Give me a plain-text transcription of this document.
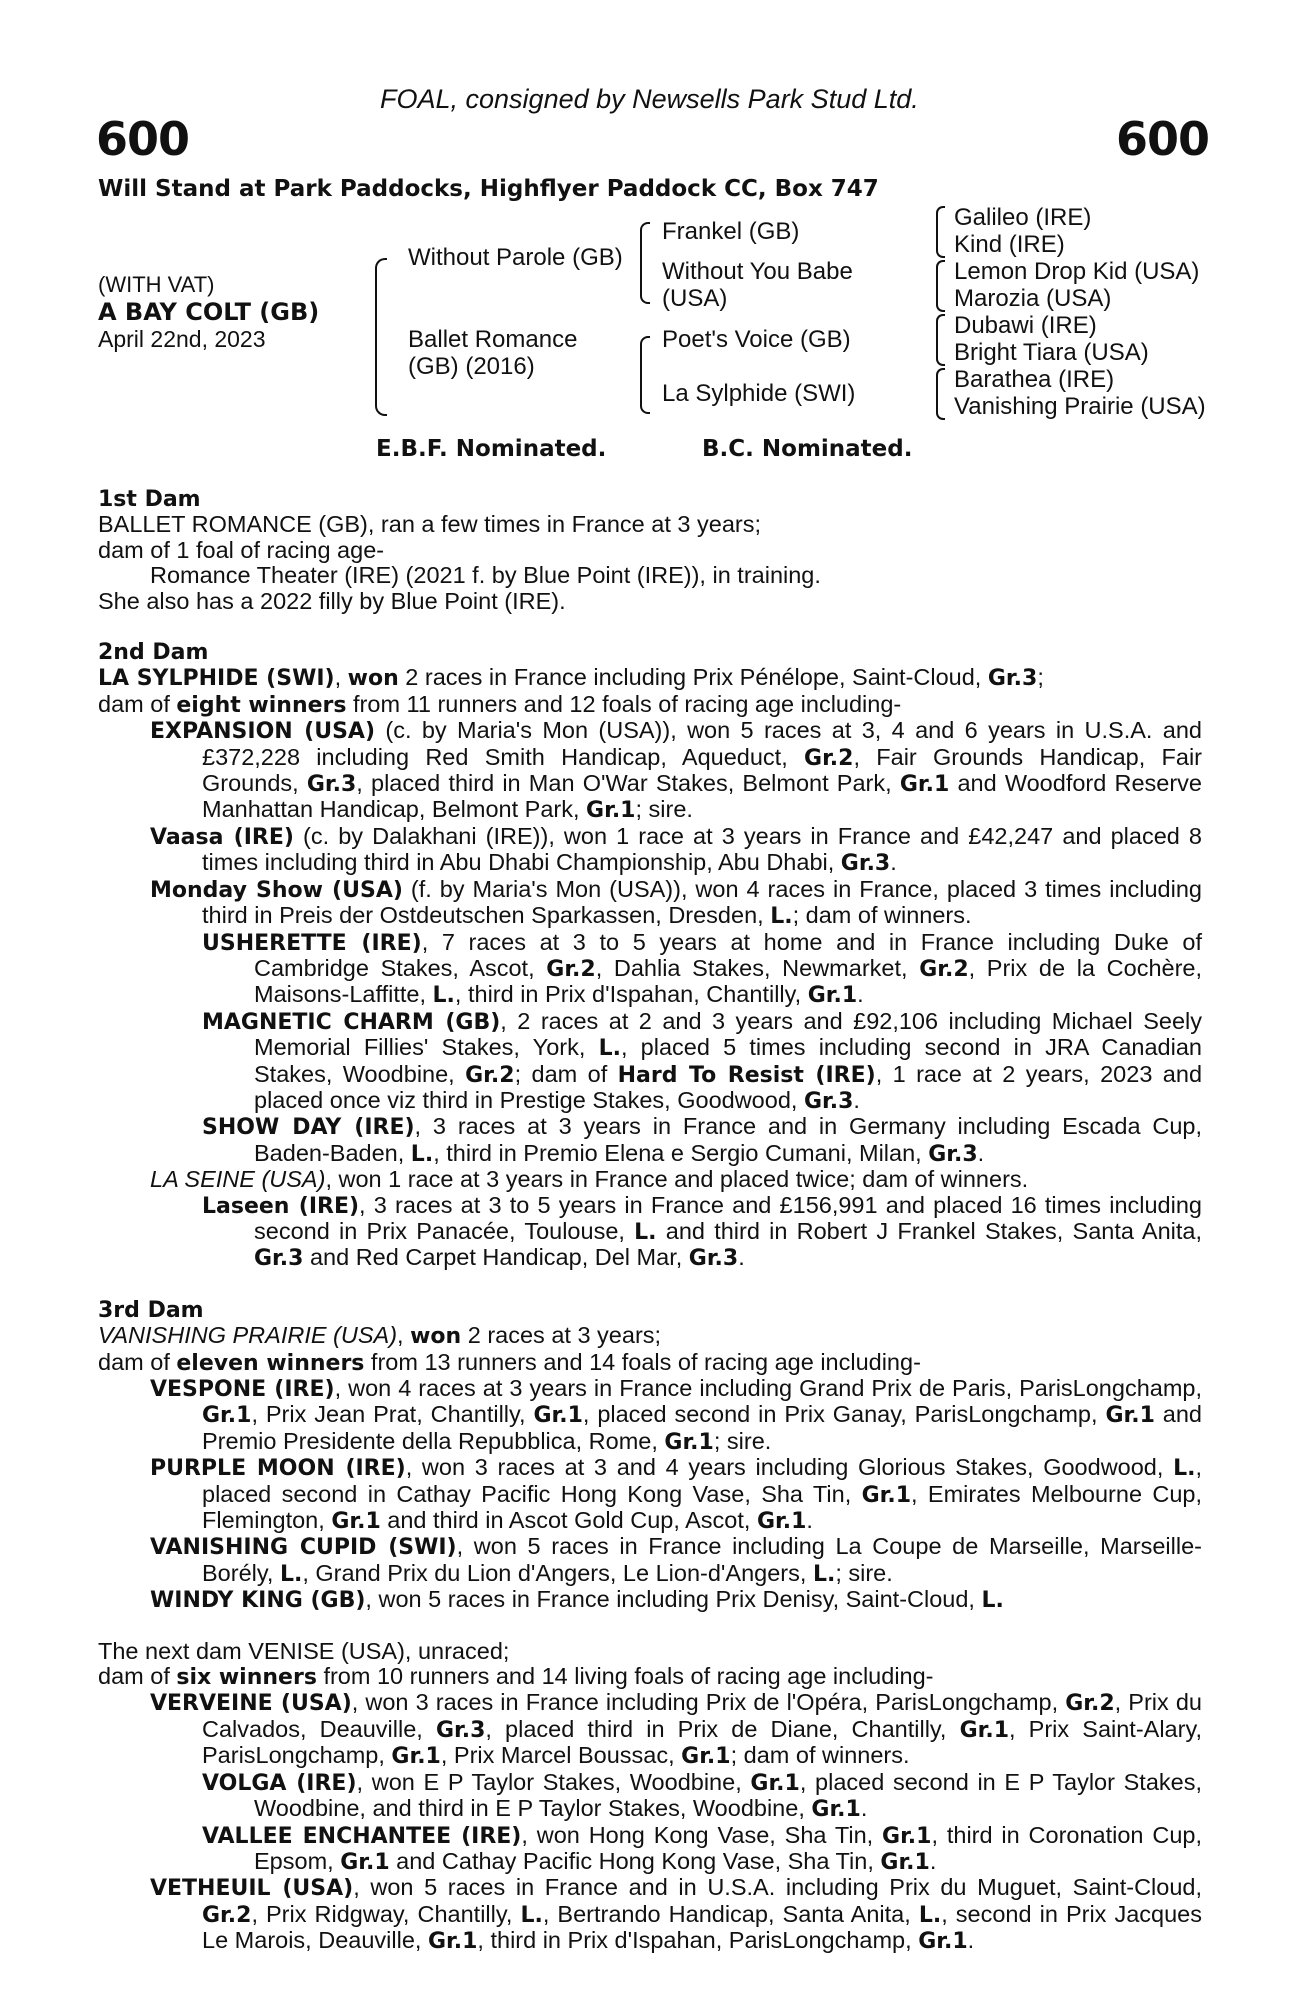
FOAL, consigned by Newsells Park Stud Ltd.
600	600
Will Stand at Park Paddocks, Highflyer Paddock CC, Box 747
(WITH VAT)
A BAY COLT (GB)
April 22nd, 2023
Without Parole (GB)
Ballet Romance (GB) (2016)
Frankel (GB)
Without You Babe (USA)
Poet's Voice (GB)
La Sylphide (SWI)
Galileo (IRE)
Kind (IRE)
Lemon Drop Kid (USA)
Marozia (USA)
Dubawi (IRE)
Bright Tiara (USA)
Barathea (IRE)
Vanishing Prairie (USA)
E.B.F. Nominated.	B.C. Nominated.

1st Dam

BALLET ROMANCE (GB), ran a few times in France at 3 years;

dam of 1 foal of racing age-

Romance Theater (IRE) (2021 f. by Blue Point (IRE)), in training.

She also has a 2022 filly by Blue Point (IRE).

2nd Dam

LA SYLPHIDE (SWI), won 2 races in France including Prix Pénélope, Saint-Cloud, Gr.3;

dam of eight winners from 11 runners and 12 foals of racing age including-

EXPANSION (USA) (c. by Maria's Mon (USA)), won 5 races at 3, 4 and 6 years in U.S.A. and £372,228 including Red Smith Handicap, Aqueduct, Gr.2, Fair Grounds Handicap, Fair Grounds, Gr.3, placed third in Man O'War Stakes, Belmont Park, Gr.1 and Woodford Reserve Manhattan Handicap, Belmont Park, Gr.1; sire.

Vaasa (IRE) (c. by Dalakhani (IRE)), won 1 race at 3 years in France and £42,247 and placed 8 times including third in Abu Dhabi Championship, Abu Dhabi, Gr.3.

Monday Show (USA) (f. by Maria's Mon (USA)), won 4 races in France, placed 3 times including third in Preis der Ostdeutschen Sparkassen, Dresden, L.; dam of winners.

USHERETTE (IRE), 7 races at 3 to 5 years at home and in France including Duke of Cambridge Stakes, Ascot, Gr.2, Dahlia Stakes, Newmarket, Gr.2, Prix de la Cochère, Maisons-Laffitte, L., third in Prix d'Ispahan, Chantilly, Gr.1.

MAGNETIC CHARM (GB), 2 races at 2 and 3 years and £92,106 including Michael Seely Memorial Fillies' Stakes, York, L., placed 5 times including second in JRA Canadian Stakes, Woodbine, Gr.2; dam of Hard To Resist (IRE), 1 race at 2 years, 2023 and placed once viz third in Prestige Stakes, Goodwood, Gr.3.

SHOW DAY (IRE), 3 races at 3 years in France and in Germany including Escada Cup, Baden-Baden, L., third in Premio Elena e Sergio Cumani, Milan, Gr.3.

LA SEINE (USA), won 1 race at 3 years in France and placed twice; dam of winners.

Laseen (IRE), 3 races at 3 to 5 years in France and £156,991 and placed 16 times including second in Prix Panacée, Toulouse, L. and third in Robert J Frankel Stakes, Santa Anita, Gr.3 and Red Carpet Handicap, Del Mar, Gr.3.

3rd Dam

VANISHING PRAIRIE (USA), won 2 races at 3 years;

dam of eleven winners from 13 runners and 14 foals of racing age including-

VESPONE (IRE), won 4 races at 3 years in France including Grand Prix de Paris, ParisLongchamp, Gr.1, Prix Jean Prat, Chantilly, Gr.1, placed second in Prix Ganay, ParisLongchamp, Gr.1 and Premio Presidente della Repubblica, Rome, Gr.1; sire.

PURPLE MOON (IRE), won 3 races at 3 and 4 years including Glorious Stakes, Goodwood, L., placed second in Cathay Pacific Hong Kong Vase, Sha Tin, Gr.1, Emirates Melbourne Cup, Flemington, Gr.1 and third in Ascot Gold Cup, Ascot, Gr.1.

VANISHING CUPID (SWI), won 5 races in France including La Coupe de Marseille, Marseille-Borély, L., Grand Prix du Lion d'Angers, Le Lion-d'Angers, L.; sire.

WINDY KING (GB), won 5 races in France including Prix Denisy, Saint-Cloud, L.

The next dam VENISE (USA), unraced;

dam of six winners from 10 runners and 14 living foals of racing age including-

VERVEINE (USA), won 3 races in France including Prix de l'Opéra, ParisLongchamp, Gr.2, Prix du Calvados, Deauville, Gr.3, placed third in Prix de Diane, Chantilly, Gr.1, Prix Saint-Alary, ParisLongchamp, Gr.1, Prix Marcel Boussac, Gr.1; dam of winners.

VOLGA (IRE), won E P Taylor Stakes, Woodbine, Gr.1, placed second in E P Taylor Stakes, Woodbine, and third in E P Taylor Stakes, Woodbine, Gr.1.

VALLEE ENCHANTEE (IRE), won Hong Kong Vase, Sha Tin, Gr.1, third in Coronation Cup, Epsom, Gr.1 and Cathay Pacific Hong Kong Vase, Sha Tin, Gr.1.

VETHEUIL (USA), won 5 races in France and in U.S.A. including Prix du Muguet, Saint-Cloud, Gr.2, Prix Ridgway, Chantilly, L., Bertrando Handicap, Santa Anita, L., second in Prix Jacques Le Marois, Deauville, Gr.1, third in Prix d'Ispahan, ParisLongchamp, Gr.1.
